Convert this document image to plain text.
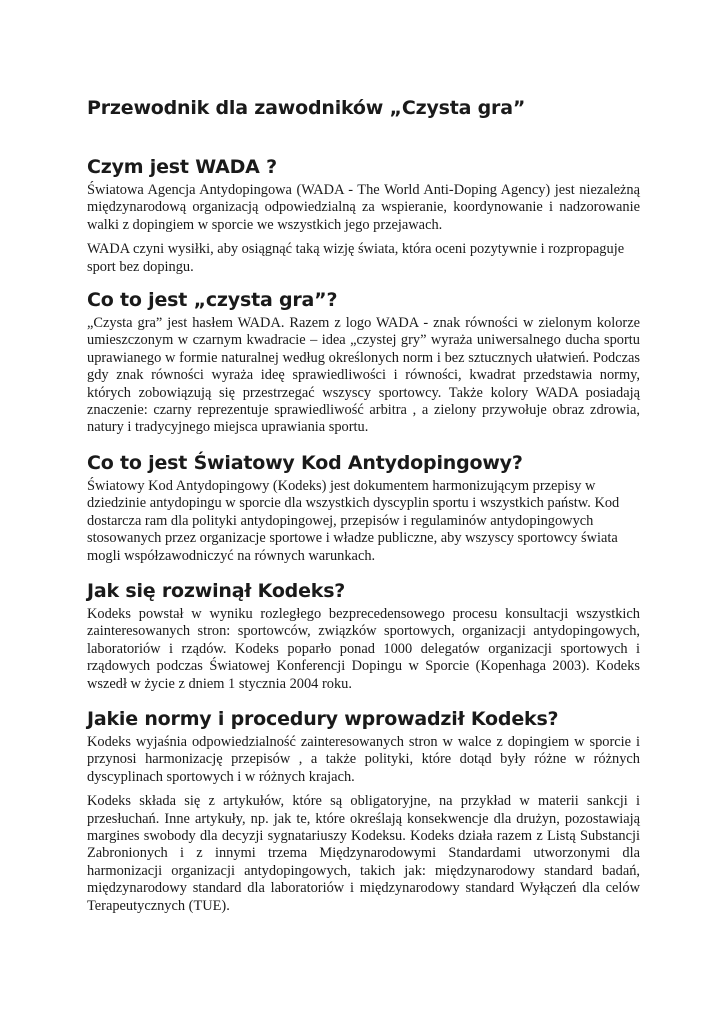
Przewodnik dla zawodników „Czysta gra”
Czym jest WADA ?

Światowa Agencja Antydopingowa (WADA - The World Anti-Doping Agency) jest niezależną międzynarodową organizacją odpowiedzialną za wspieranie, koordynowanie i nadzorowanie walki z dopingiem w sporcie we wszystkich jego przejawach.

WADA czyni wysiłki, aby osiągnąć taką wizję świata, która oceni pozytywnie i rozpropaguje sport bez dopingu.

Co to jest „czysta gra”?

„Czysta gra” jest hasłem WADA. Razem z logo WADA - znak równości w zielonym kolorze umieszczonym w czarnym kwadracie – idea „czystej gry” wyraża uniwersalnego ducha sportu uprawianego w formie naturalnej według określonych norm i bez sztucznych ułatwień. Podczas gdy znak równości wyraża ideę sprawiedliwości i równości, kwadrat przedstawia normy, których zobowiązują się przestrzegać wszyscy sportowcy. Także kolory WADA posiadają znaczenie: czarny reprezentuje sprawiedliwość arbitra , a zielony przywołuje obraz zdrowia, natury i tradycyjnego miejsca uprawiania sportu.

Co to jest Światowy Kod Antydopingowy?

Światowy Kod Antydopingowy (Kodeks) jest dokumentem harmonizującym przepisy w dziedzinie antydopingu w sporcie dla wszystkich dyscyplin sportu i wszystkich państw. Kod dostarcza ram dla polityki antydopingowej, przepisów i regulaminów antydopingowych stosowanych przez organizacje sportowe i władze publiczne, aby wszyscy sportowcy świata mogli współzawodniczyć na równych warunkach.

Jak się rozwinął Kodeks?

Kodeks powstał w wyniku rozległego bezprecedensowego procesu konsultacji wszystkich zainteresowanych stron: sportowców, związków sportowych, organizacji antydopingowych, laboratoriów i rządów. Kodeks poparło ponad 1000 delegatów organizacji sportowych i rządowych podczas Światowej Konferencji Dopingu w Sporcie (Kopenhaga 2003). Kodeks wszedł w życie z dniem 1 stycznia 2004 roku.

Jakie normy i procedury wprowadził Kodeks?

Kodeks wyjaśnia odpowiedzialność zainteresowanych stron w walce z dopingiem w sporcie i przynosi harmonizację przepisów , a także polityki, które dotąd były różne w różnych dyscyplinach sportowych i w różnych krajach.

Kodeks składa się z artykułów, które są obligatoryjne, na przykład w materii sankcji i przesłuchań. Inne artykuły, np. jak te, które określają konsekwencje dla drużyn, pozostawiają margines swobody dla decyzji sygnatariuszy Kodeksu. Kodeks działa razem z Listą Substancji Zabronionych i z innymi trzema Międzynarodowymi Standardami utworzonymi dla harmonizacji organizacji antydopingowych, takich jak: międzynarodowy standard badań, międzynarodowy standard dla laboratoriów i międzynarodowy standard Wyłączeń dla celów Terapeutycznych (TUE).
